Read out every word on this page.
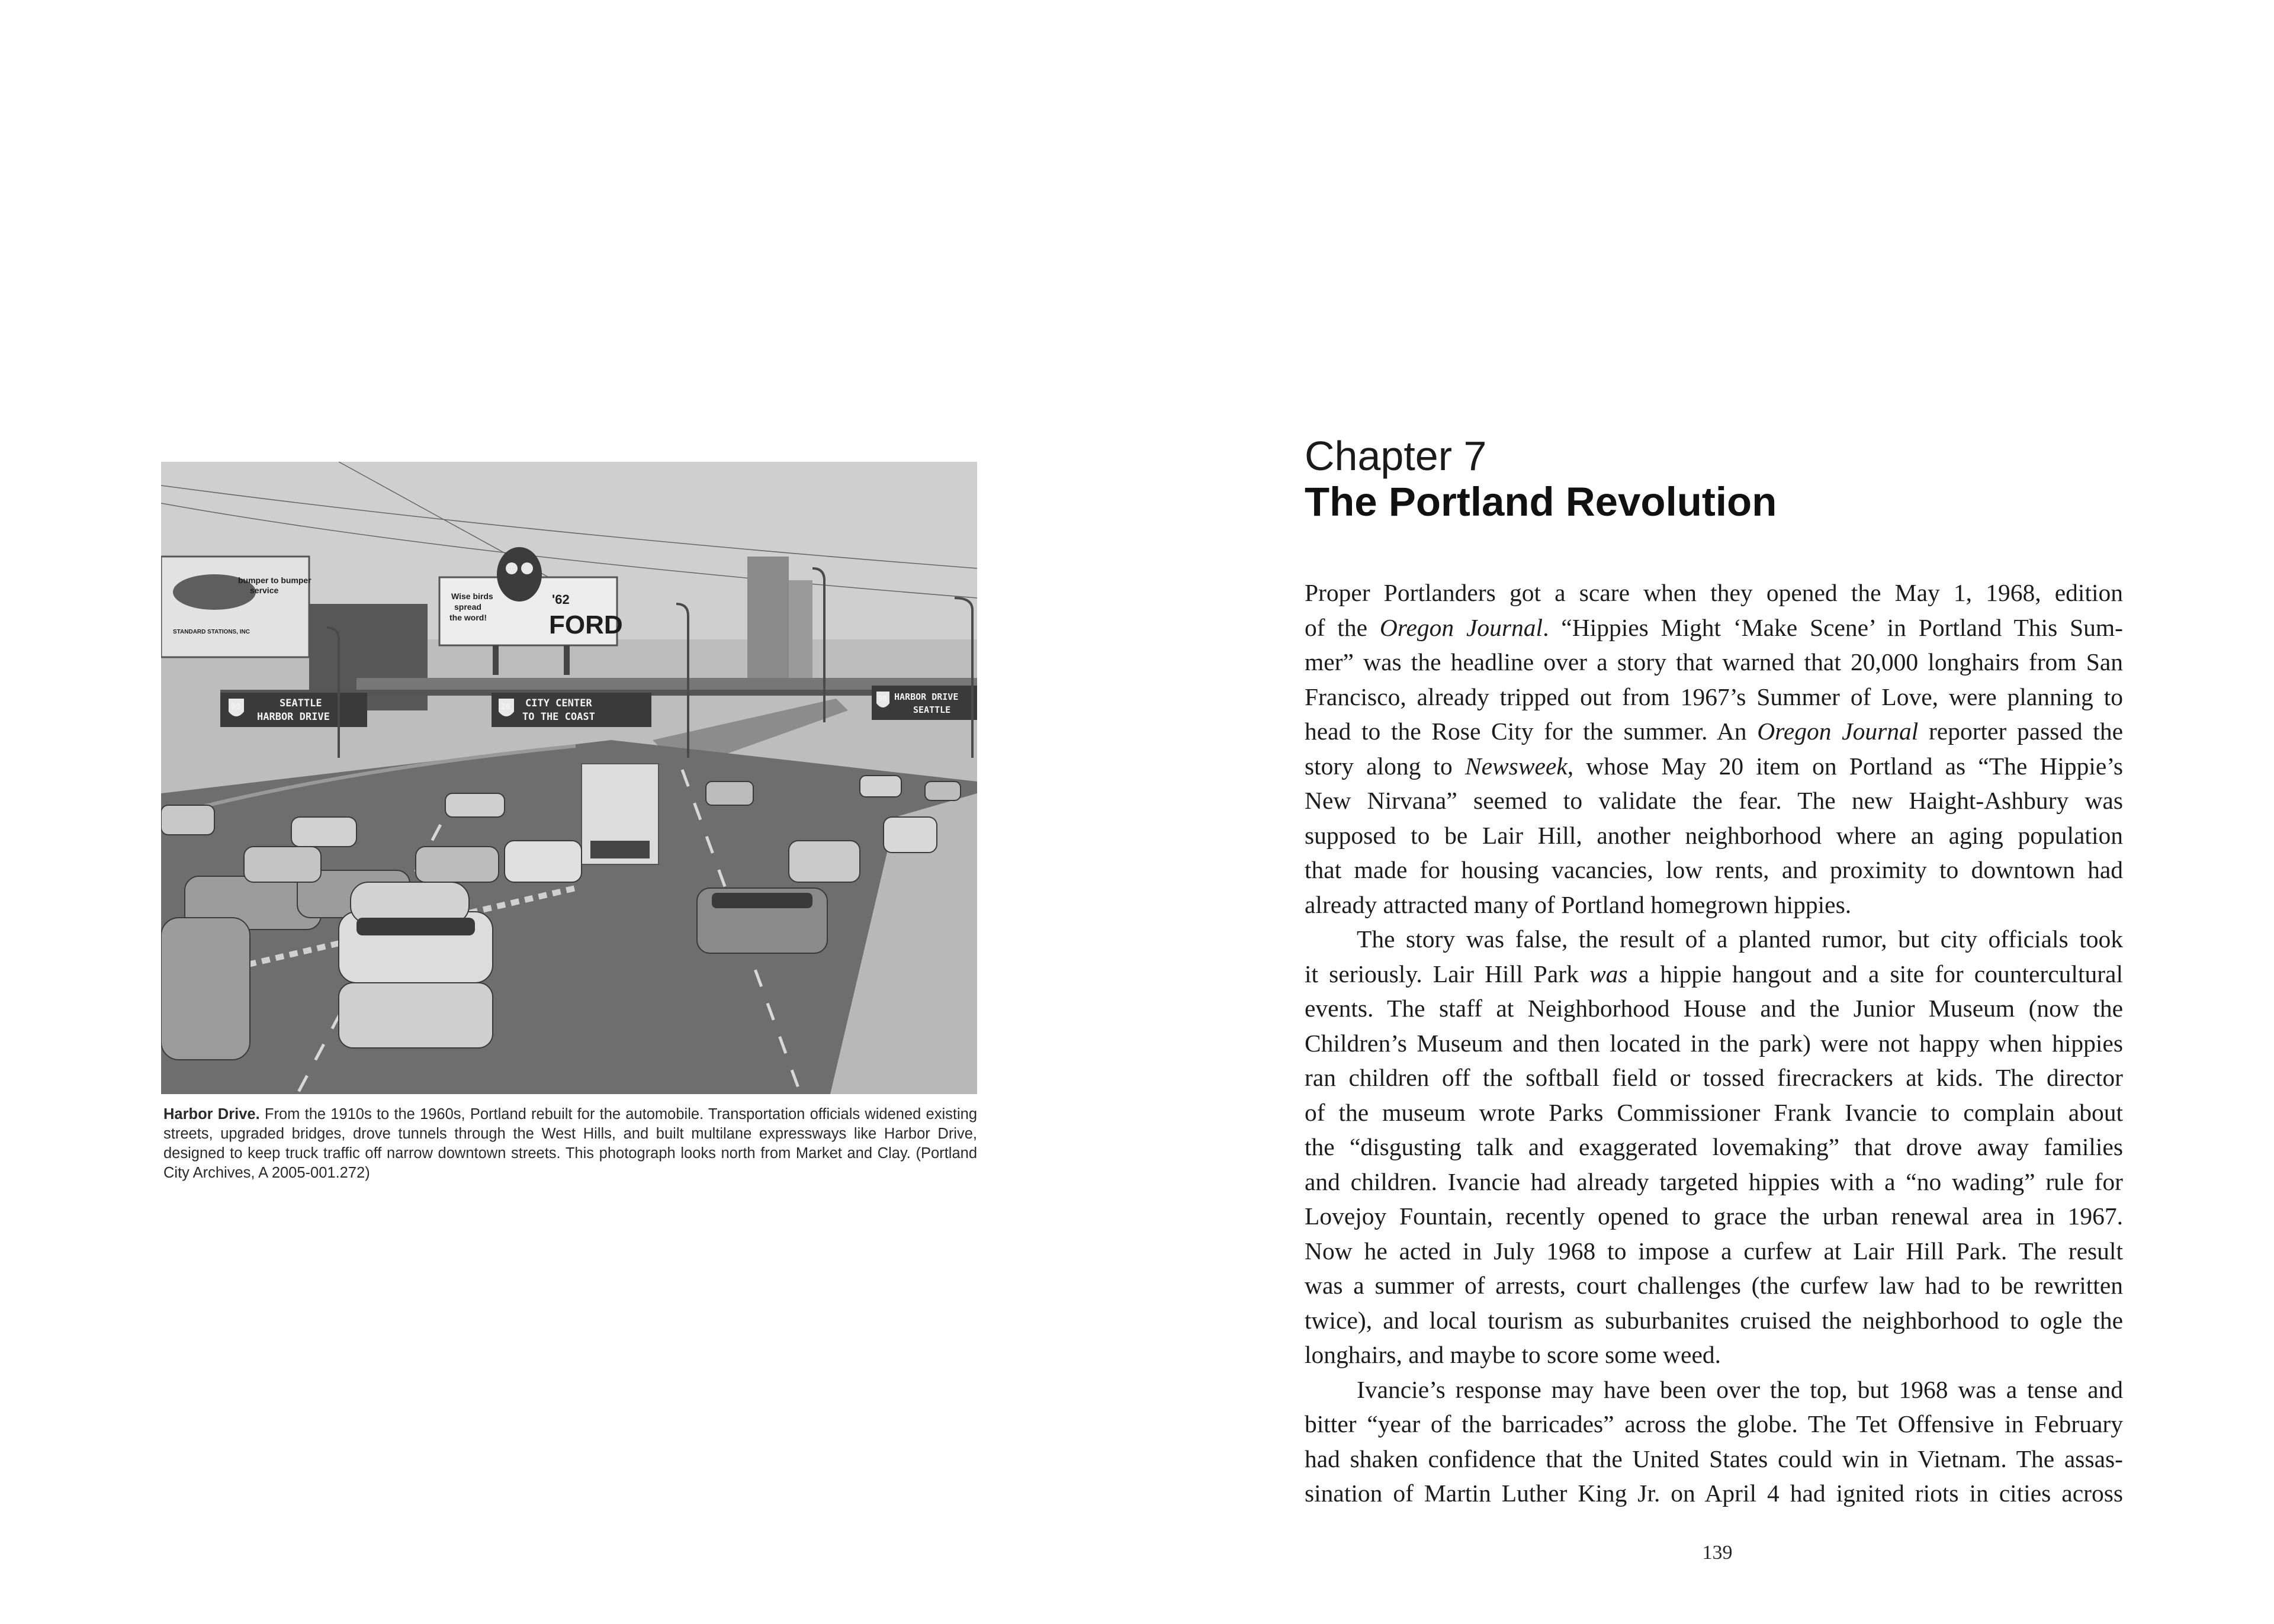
bumper to bumper
service
STANDARD STATIONS, INC
Wise birds
spread
the word!
'62
FORD
99	SEATTLE
HARBOR DRIVE
26 CITY CENTER
TO THE COAST
99 HARBOR DRIVE
SEATTLE
Harbor Drive. From the 1910s to the 1960s, Portland rebuilt for the automobile. Transportation officials widened existing streets, upgraded bridges, drove tunnels through the West Hills, and built multilane expressways like Harbor Drive, designed to keep truck traffic off narrow downtown streets. This photograph looks north from Market and Clay. (Portland City Archives, A 2005-001.272)
Chapter 7
The Portland Revolution
Proper Portlanders got a scare when they opened the May 1, 1968, edition
of the Oregon Journal. “Hippies Might ‘Make Scene’ in Portland This Sum-
mer” was the headline over a story that warned that 20,000 longhairs from San
Francisco, already tripped out from 1967’s Summer of Love, were planning to
head to the Rose City for the summer. An Oregon Journal reporter passed the
story along to Newsweek, whose May 20 item on Portland as “The Hippie’s
New Nirvana” seemed to validate the fear. The new Haight-Ashbury was
supposed to be Lair Hill, another neighborhood where an aging population
that made for housing vacancies, low rents, and proximity to downtown had
already attracted many of Portland homegrown hippies.
The story was false, the result of a planted rumor, but city officials took
it seriously. Lair Hill Park was a hippie hangout and a site for countercultural
events. The staff at Neighborhood House and the Junior Museum (now the
Children’s Museum and then located in the park) were not happy when hippies
ran children off the softball field or tossed firecrackers at kids. The director
of the museum wrote Parks Commissioner Frank Ivancie to complain about
the “disgusting talk and exaggerated lovemaking” that drove away families
and children. Ivancie had already targeted hippies with a “no wading” rule for
Lovejoy Fountain, recently opened to grace the urban renewal area in 1967.
Now he acted in July 1968 to impose a curfew at Lair Hill Park. The result
was a summer of arrests, court challenges (the curfew law had to be rewritten
twice), and local tourism as suburbanites cruised the neighborhood to ogle the
longhairs, and maybe to score some weed.
Ivancie’s response may have been over the top, but 1968 was a tense and
bitter “year of the barricades” across the globe. The Tet Offensive in February
had shaken confidence that the United States could win in Vietnam. The assas-
sination of Martin Luther King Jr. on April 4 had ignited riots in cities across
139
